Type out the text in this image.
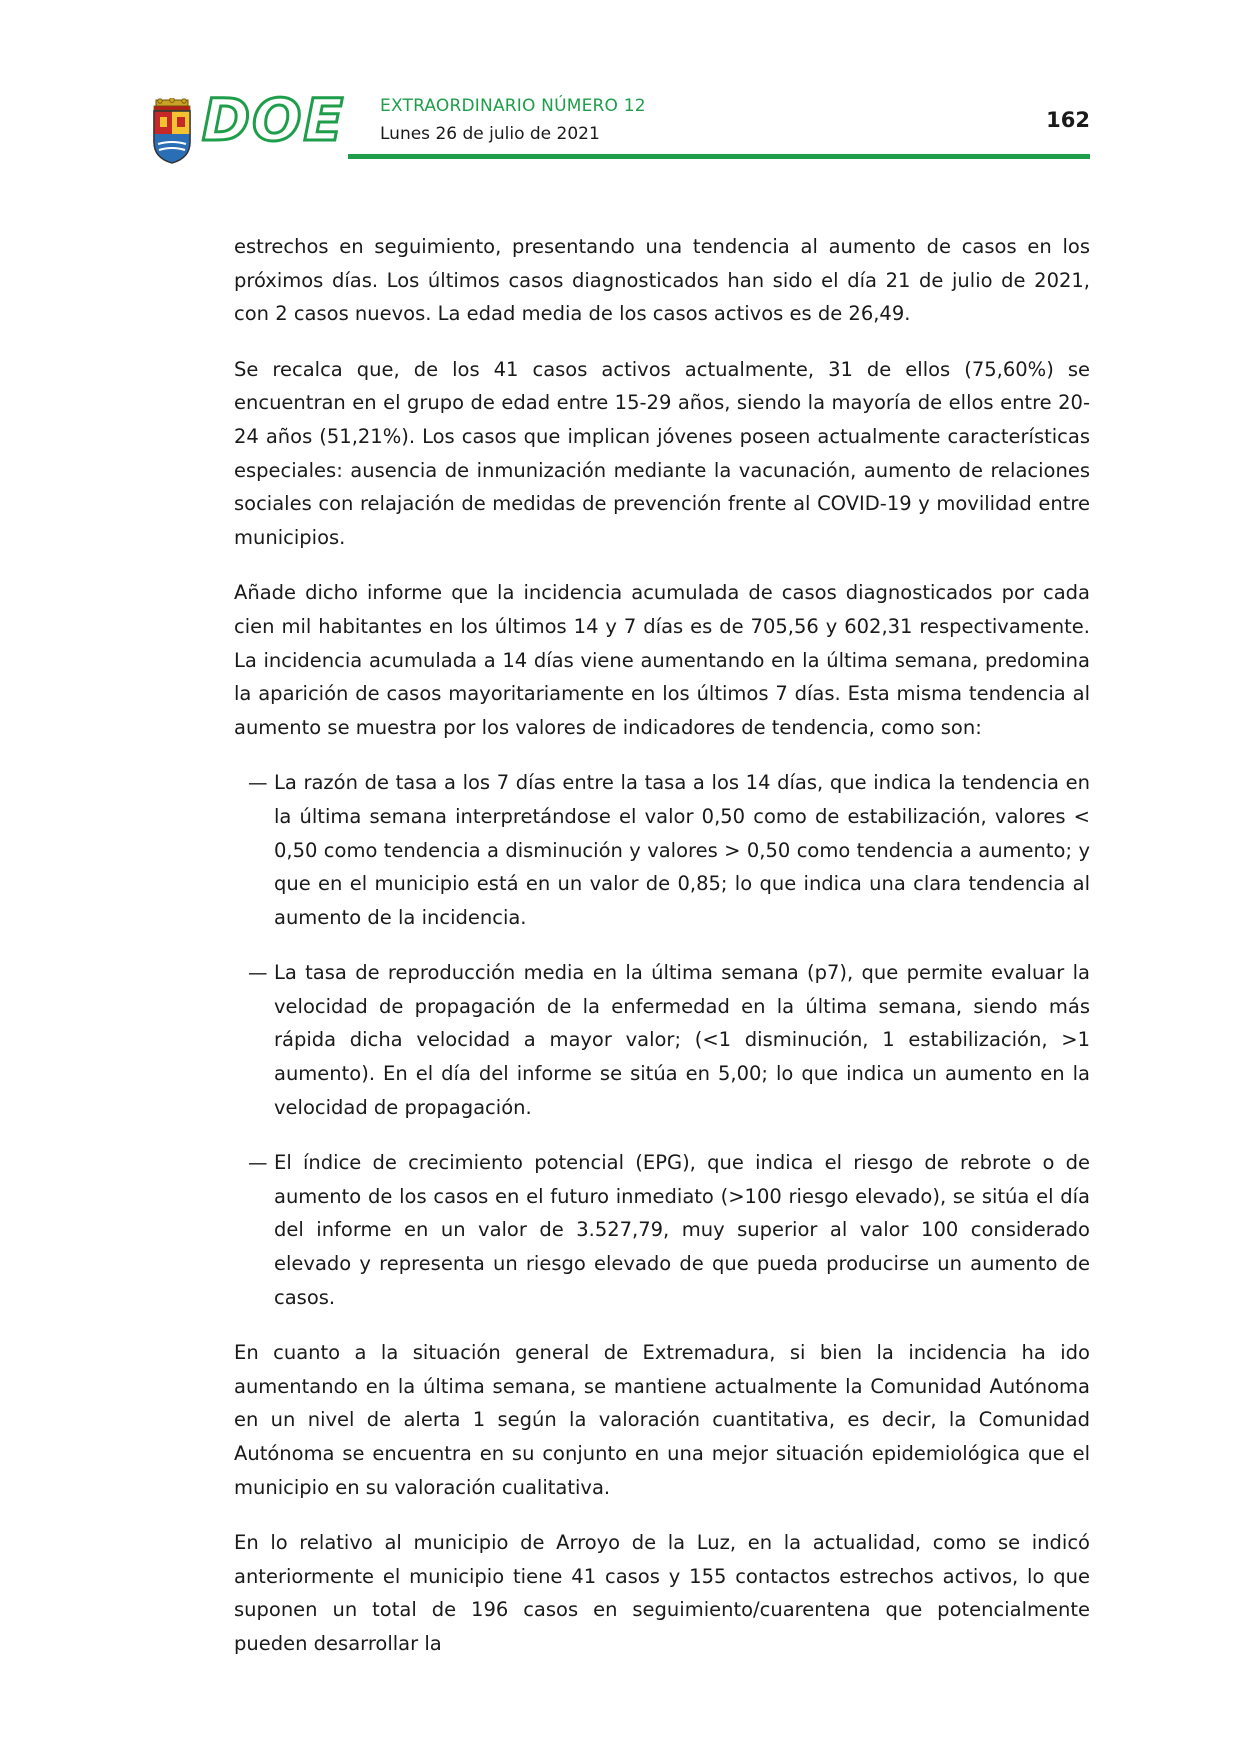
DOE EXTRAORDINARIO NÚMERO 12
Lunes 26 de julio de 2021
162

estrechos en seguimiento, presentando una tendencia al aumento de casos en los próximos días. Los últimos casos diagnosticados han sido el día 21 de julio de 2021, con 2 casos nuevos. La edad media de los casos activos es de 26,49.

Se recalca que, de los 41 casos activos actualmente, 31 de ellos (75,60%) se encuentran en el grupo de edad entre 15-29 años, siendo la mayoría de ellos entre 20-24 años (51,21%). Los casos que implican jóvenes poseen actualmente características especiales: ausencia de inmunización mediante la vacunación, aumento de relaciones sociales con relajación de medidas de prevención frente al COVID-19 y movilidad entre municipios.

Añade dicho informe que la incidencia acumulada de casos diagnosticados por cada cien mil habitantes en los últimos 14 y 7 días es de 705,56 y 602,31 respectivamente. La incidencia acumulada a 14 días viene aumentando en la última semana, predomina la aparición de casos mayoritariamente en los últimos 7 días. Esta misma tendencia al aumento se muestra por los valores de indicadores de tendencia, como son:

— La razón de tasa a los 7 días entre la tasa a los 14 días, que indica la tendencia en la última semana interpretándose el valor 0,50 como de estabilización, valores < 0,50 como tendencia a disminución y valores > 0,50 como tendencia a aumento; y que en el municipio está en un valor de 0,85; lo que indica una clara tendencia al aumento de la incidencia.
— La tasa de reproducción media en la última semana (p7), que permite evaluar la velocidad de propagación de la enfermedad en la última semana, siendo más rápida dicha velocidad a mayor valor; (<1 disminución, 1 estabilización, >1 aumento). En el día del informe se sitúa en 5,00; lo que indica un aumento en la velocidad de propagación.
— El índice de crecimiento potencial (EPG), que indica el riesgo de rebrote o de aumento de los casos en el futuro inmediato (>100 riesgo elevado), se sitúa el día del informe en un valor de 3.527,79, muy superior al valor 100 considerado elevado y representa un riesgo elevado de que pueda producirse un aumento de casos.

En cuanto a la situación general de Extremadura, si bien la incidencia ha ido aumentando en la última semana, se mantiene actualmente la Comunidad Autónoma en un nivel de alerta 1 según la valoración cuantitativa, es decir, la Comunidad Autónoma se encuentra en su conjunto en una mejor situación epidemiológica que el municipio en su valoración cualitativa.

En lo relativo al municipio de Arroyo de la Luz, en la actualidad, como se indicó anteriormente el municipio tiene 41 casos y 155 contactos estrechos activos, lo que suponen un total de 196 casos en seguimiento/cuarentena que potencialmente pueden desarrollar la
